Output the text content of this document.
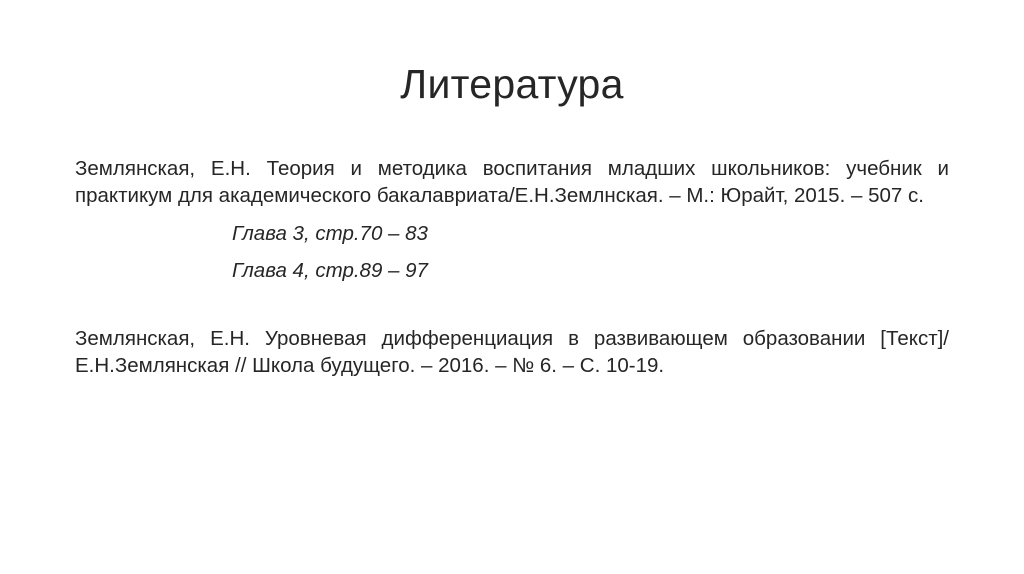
Литература

Землянская, Е.Н. Теория и методика воспитания младших школьников: учебник и практикум для академического бакалавриата/Е.Н.Землнская. – М.: Юрайт, 2015. – 507 с.

Глава 3, стр.70 – 83

Глава 4, стр.89 – 97

Землянская, Е.Н. Уровневая дифференциация в развивающем образовании [Текст]/Е.Н.Землянская // Школа будущего. – 2016. – № 6. – С. 10-19.
